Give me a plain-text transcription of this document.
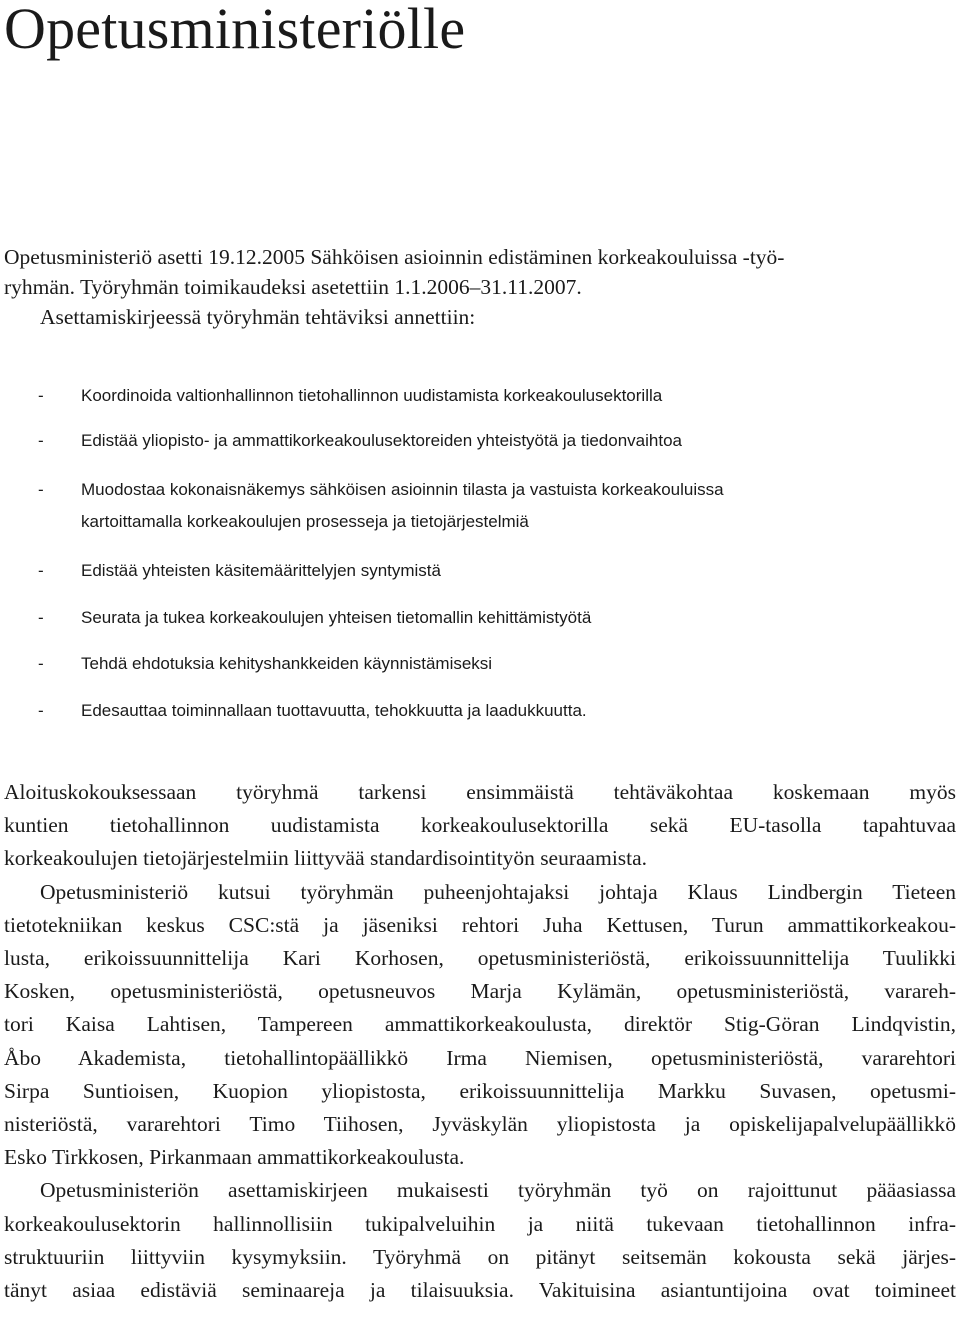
Opetusministeriölle

Opetusministeriö asetti 19.12.2005 Sähköisen asioinnin edistäminen korkeakouluissa -työ-
ryhmän. Työryhmän toimikaudeksi asetettiin 1.1.2006–31.11.2007.
Asettamiskirjeessä työryhmän tehtäviksi annettiin:

- Koordinoida valtionhallinnon tietohallinnon uudistamista korkeakoulusektorilla
- Edistää yliopisto- ja ammattikorkeakoulusektoreiden yhteistyötä ja tiedonvaihtoa
- Muodostaa kokonaisnäkemys sähköisen asioinnin tilasta ja vastuista korkeakouluissa
kartoittamalla korkeakoulujen prosesseja ja tietojärjestelmiä
- Edistää yhteisten käsitemäärittelyjen syntymistä
- Seurata ja tukea korkeakoulujen yhteisen tietomallin kehittämistyötä
- Tehdä ehdotuksia kehityshankkeiden käynnistämiseksi
- Edesauttaa toiminnallaan tuottavuutta, tehokkuutta ja laadukkuutta.

Aloituskokouksessaan työryhmä tarkensi ensimmäistä tehtäväkohtaa koskemaan myös
kuntien tietohallinnon uudistamista korkeakoulusektorilla sekä EU-tasolla tapahtuvaa
korkeakoulujen tietojärjestelmiin liittyvää standardisointityön seuraamista.

Opetusministeriö kutsui työryhmän puheenjohtajaksi johtaja Klaus Lindbergin Tieteen
tietotekniikan keskus CSC:stä ja jäseniksi rehtori Juha Kettusen, Turun ammattikorkeakou-
lusta, erikoissuunnittelija Kari Korhosen, opetusministeriöstä, erikoissuunnittelija Tuulikki
Kosken, opetusministeriöstä, opetusneuvos Marja Kylämän, opetusministeriöstä, varareh-
tori Kaisa Lahtisen, Tampereen ammattikorkeakoulusta, direktör Stig-Göran Lindqvistin,
Åbo Akademista, tietohallintopäällikkö Irma Niemisen, opetusministeriöstä, vararehtori
Sirpa Suntioisen, Kuopion yliopistosta, erikoissuunnittelija Markku Suvasen, opetusmi-
nisteriöstä, vararehtori Timo Tiihosen, Jyväskylän yliopistosta ja opiskelijapalvelupäällikkö
Esko Tirkkosen, Pirkanmaan ammattikorkeakoulusta.

Opetusministeriön asettamiskirjeen mukaisesti työryhmän työ on rajoittunut pääasiassa
korkeakoulusektorin hallinnollisiin tukipalveluihin ja niitä tukevaan tietohallinnon infra-
struktuuriin liittyviin kysymyksiin. Työryhmä on pitänyt seitsemän kokousta sekä järjes-
tänyt asiaa edistäviä seminaareja ja tilaisuuksia. Vakituisina asiantuntijoina ovat toimineet
